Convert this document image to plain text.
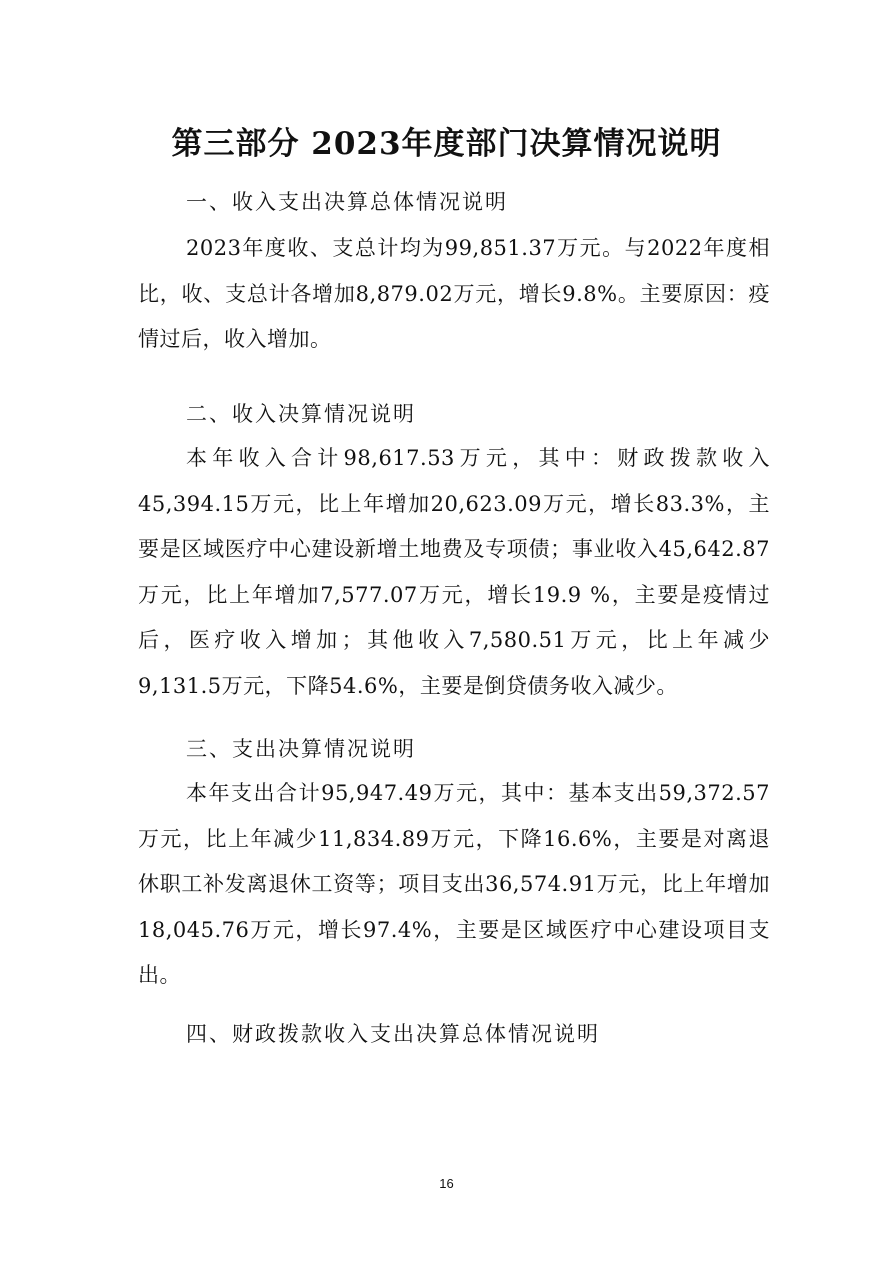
第三部分 2023年度部门决算情况说明
一、收入支出决算总体情况说明
2023年度收、支总计均为99,851.37万元。与2022年度相比，收、支总计各增加8,879.02万元，增长9.8%。主要原因：疫情过后，收入增加。
二、收入决算情况说明
本年收入合计98,617.53万元，其中：财政拨款收入45,394.15万元，比上年增加20,623.09万元，增长83.3%，主要是区域医疗中心建设新增土地费及专项债；事业收入45,642.87万元，比上年增加7,577.07万元，增长19.9 %，主要是疫情过后，医疗收入增加；其他收入7,580.51万元，比上年减少9,131.5万元，下降54.6%，主要是倒贷债务收入减少。
三、支出决算情况说明
本年支出合计95,947.49万元，其中：基本支出59,372.57万元，比上年减少11,834.89万元，下降16.6%，主要是对离退休职工补发离退休工资等；项目支出36,574.91万元，比上年增加18,045.76万元，增长97.4%，主要是区域医疗中心建设项目支出。
四、财政拨款收入支出决算总体情况说明
16
